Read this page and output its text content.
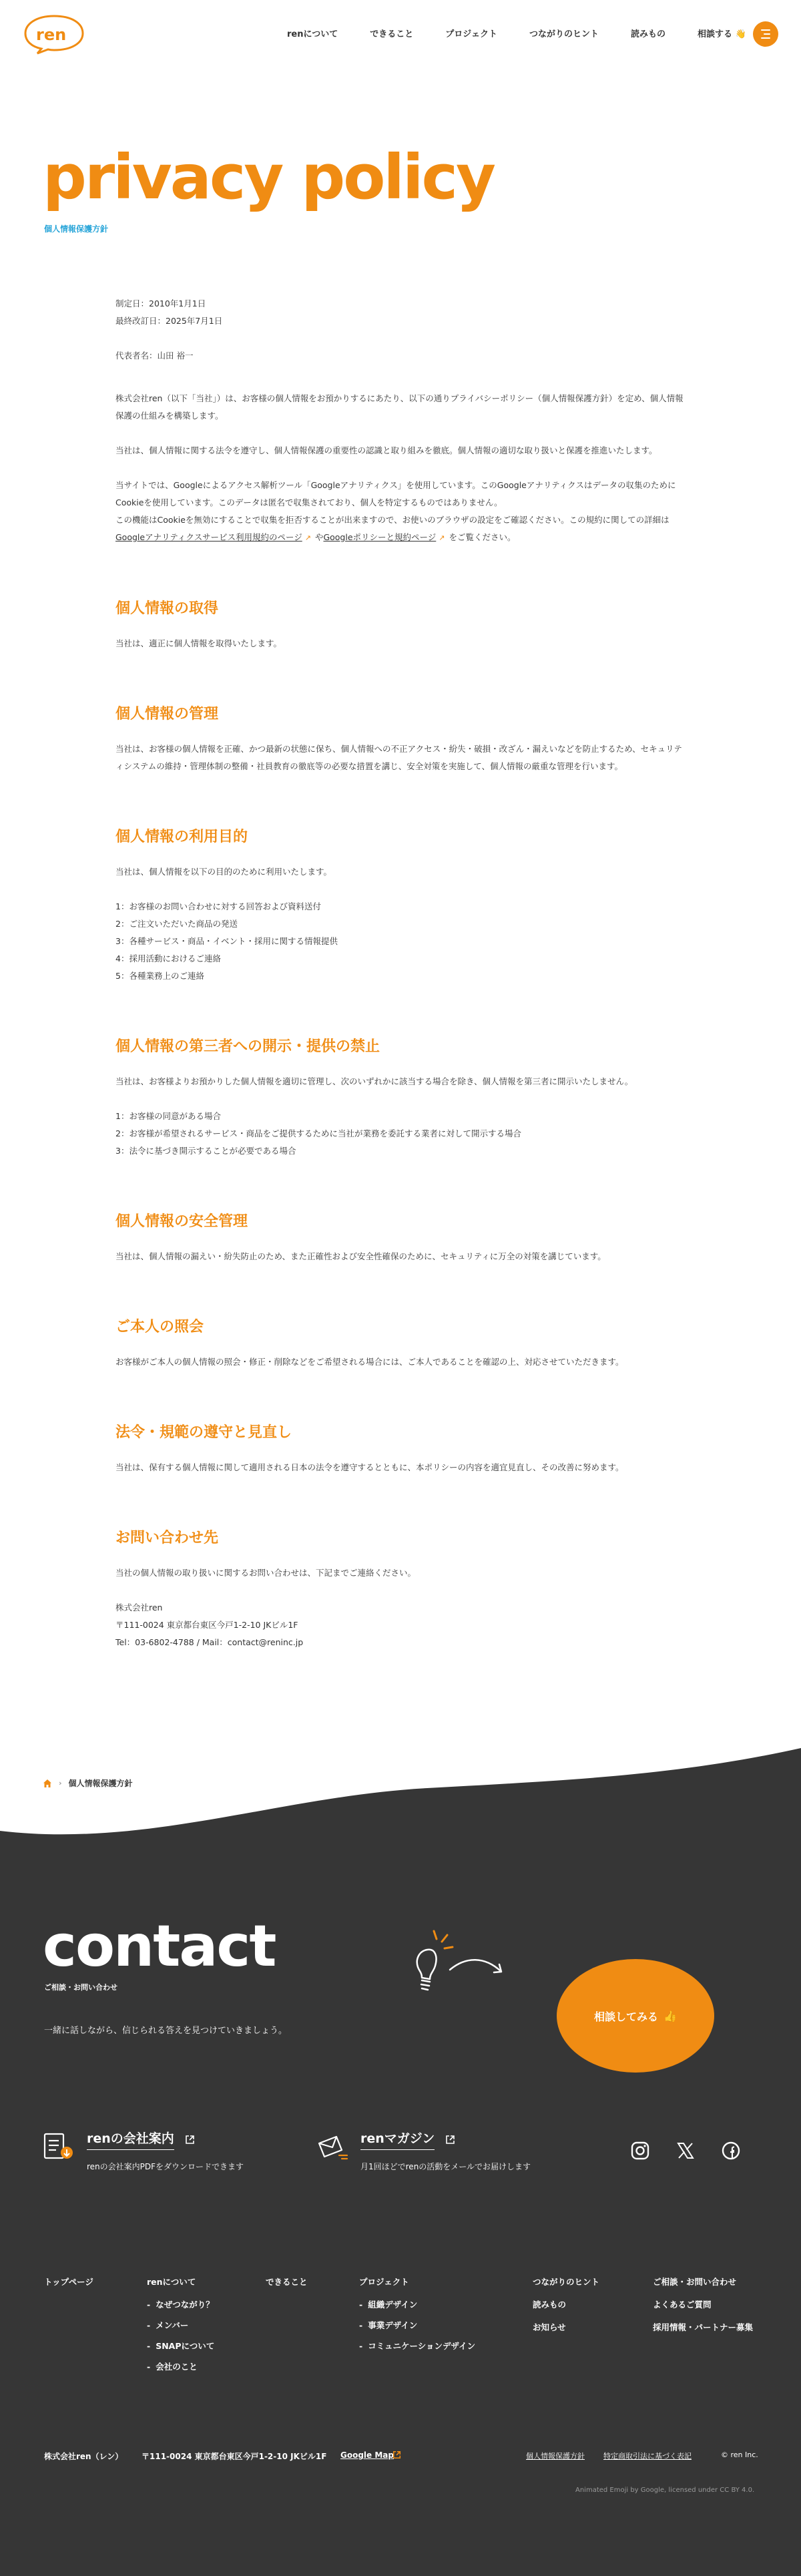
ren	renについて	できること	プロジェクト	つながりのヒント	読みもの	相談する 👋
privacy policy
個人情報保護方針

制定日：2010年1月1日

最終改訂日：2025年7月1日

代表者名：山田 裕一

株式会社ren（以下「当社」）は、お客様の個人情報をお預かりするにあたり、以下の通りプライバシーポリシー（個人情報保護方針）を定め、個人情報保護の仕組みを構築します。

当社は、個人情報に関する法令を遵守し、個人情報保護の重要性の認識と取り組みを徹底。個人情報の適切な取り扱いと保護を推進いたします。

当サイトでは、Googleによるアクセス解析ツール「Googleアナリティクス」を使用しています。このGoogleアナリティクスはデータの収集のためにCookieを使用しています。このデータは匿名で収集されており、個人を特定するものではありません。
この機能はCookieを無効にすることで収集を拒否することが出来ますので、お使いのブラウザの設定をご確認ください。この規約に関しての詳細はGoogleアナリティクスサービス利用規約のページ ↗ やGoogleポリシーと規約ページ ↗ をご覧ください。

個人情報の取得

当社は、適正に個人情報を取得いたします。

個人情報の管理

当社は、お客様の個人情報を正確、かつ最新の状態に保ち、個人情報への不正アクセス・紛失・破損・改ざん・漏えいなどを防止するため、セキュリティシステムの維持・管理体制の整備・社員教育の徹底等の必要な措置を講じ、安全対策を実施して、個人情報の厳重な管理を行います。

個人情報の利用目的

当社は、個人情報を以下の目的のために利用いたします。

1：お客様のお問い合わせに対する回答および資料送付

2：ご注文いただいた商品の発送

3：各種サービス・商品・イベント・採用に関する情報提供

4：採用活動におけるご連絡

5：各種業務上のご連絡

個人情報の第三者への開示・提供の禁止

当社は、お客様よりお預かりした個人情報を適切に管理し、次のいずれかに該当する場合を除き、個人情報を第三者に開示いたしません。

1：お客様の同意がある場合

2：お客様が希望されるサービス・商品をご提供するために当社が業務を委託する業者に対して開示する場合

3：法令に基づき開示することが必要である場合

個人情報の安全管理

当社は、個人情報の漏えい・紛失防止のため、また正確性および安全性確保のために、セキュリティに万全の対策を講じています。

ご本人の照会

お客様がご本人の個人情報の照会・修正・削除などをご希望される場合には、ご本人であることを確認の上、対応させていただきます。

法令・規範の遵守と見直し

当社は、保有する個人情報に関して適用される日本の法令を遵守するとともに、本ポリシーの内容を適宜見直し、その改善に努めます。

お問い合わせ先

当社の個人情報の取り扱いに関するお問い合わせは、下記までご連絡ください。

株式会社ren

〒111-0024 東京都台東区今戸1-2-10 JKビル1F

Tel：03-6802-4788 / Mail：contact@reninc.jp

› 個人情報保護方針
contact
ご相談・お問い合わせ
一緒に話しながら、信じられる答えを見つけていきましょう。
相談してみる 👍
renの会社案内
renの会社案内PDFをダウンロードできます
renマガジン
月1回ほどでrenの活動をメールでお届けします
トップページ	renについて
- なぜつながり？
- メンバー
- SNAPについて
- 会社のこと
できること	プロジェクト
- 組織デザイン
- 事業デザイン
- コミュニケーションデザイン
つながりのヒント
読みもの
お知らせ
ご相談・お問い合わせ
よくあるご質問
採用情報・パートナー募集
株式会社ren（レン） 〒111-0024 東京都台東区今戸1-2-10 JKビル1F Google Map	個人情報保護方針	特定商取引法に基づく表記	© ren Inc.
Animated Emoji by Google, licensed under CC BY 4.0.
